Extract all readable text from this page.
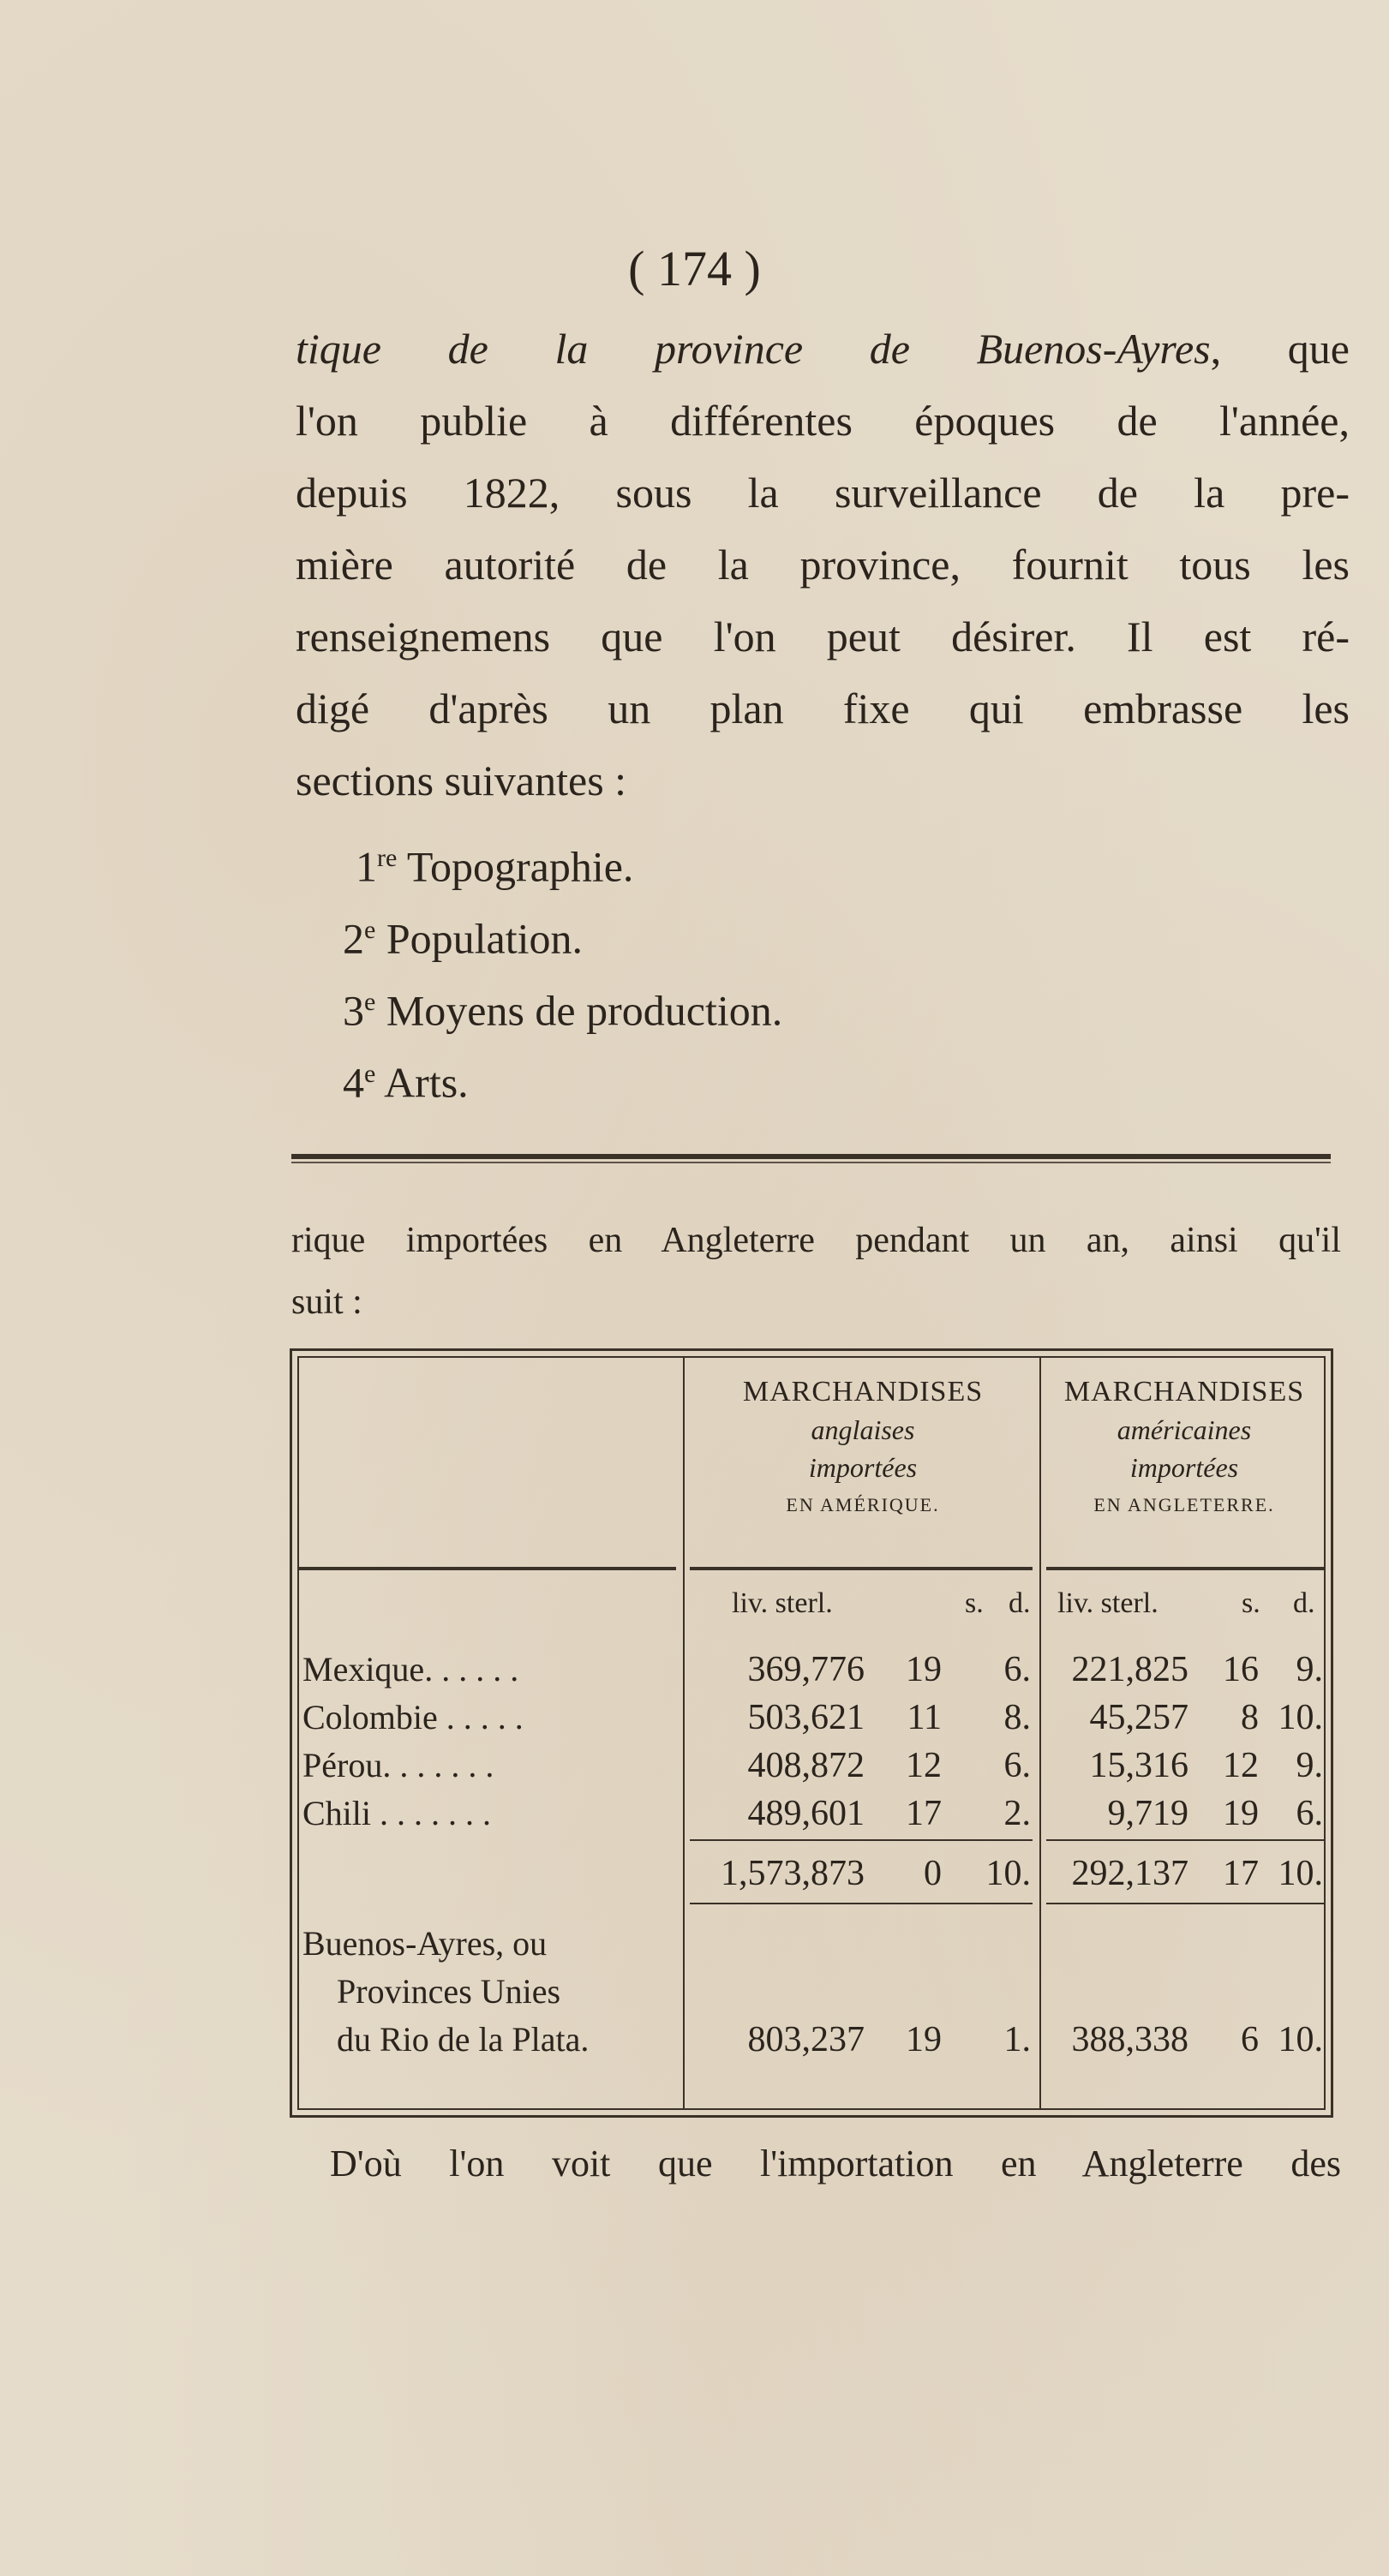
( 174 )
tique de la province de Buenos-Ayres, que
l'on publie à différentes époques de l'année,
depuis 1822, sous la surveillance de la pre-
mière autorité de la province, fournit tous les
renseignemens que l'on peut désirer. Il est ré-
digé d'après un plan fixe qui embrasse les
sections suivantes :
1re Topographie.
2e Population.
3e Moyens de production.
4e Arts.
rique importées en Angleterre pendant un an, ainsi qu'il
suit :
MARCHANDISES
anglaises
importées
EN AMÉRIQUE.
MARCHANDISES
américaines
importées
EN ANGLETERRE.
liv. sterl.	s. d. liv. sterl.	s. d.
Mexique. . . . . .	369,776	19	6.	221,825 16	9.
Colombie . . . . .	503,621	11	8.	45,257	8 10.
Pérou. . . . . . .	408,872	12	6.	15,316 12	9.
Chili . . . . . . .	489,601	17	2.	9,719 19	6.
1,573,873	0	10.	292,137 17 10.
Buenos-Ayres, ou
Provinces Unies
du Rio de la Plata.	803,237	19	1.	388,338	6 10.
D'où l'on voit que l'importation en Angleterre des
